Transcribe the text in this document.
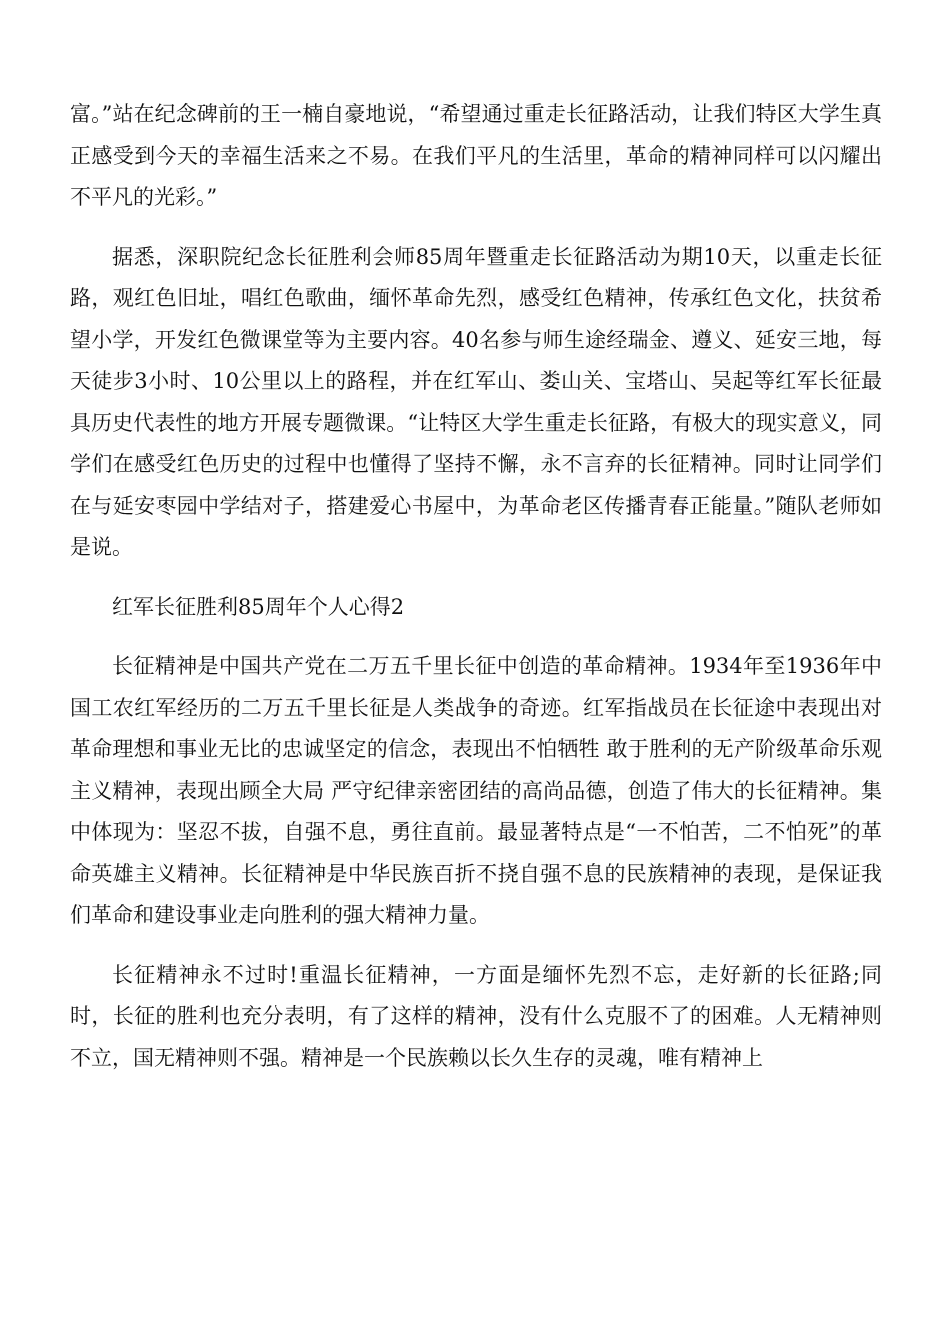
富。”站在纪念碑前的王一楠自豪地说，“希望通过重走长征路活动，让我们特区大学生真正感受到今天的幸福生活来之不易。在我们平凡的生活里，革命的精神同样可以闪耀出不平凡的光彩。”

据悉，深职院纪念长征胜利会师85周年暨重走长征路活动为期10天，以重走长征路，观红色旧址，唱红色歌曲，缅怀革命先烈，感受红色精神，传承红色文化，扶贫希望小学，开发红色微课堂等为主要内容。40名参与师生途经瑞金、遵义、延安三地，每天徒步3小时、10公里以上的路程，并在红军山、娄山关、宝塔山、吴起等红军长征最具历史代表性的地方开展专题微课。“让特区大学生重走长征路，有极大的现实意义，同学们在感受红色历史的过程中也懂得了坚持不懈，永不言弃的长征精神。同时让同学们在与延安枣园中学结对子，搭建爱心书屋中，为革命老区传播青春正能量。”随队老师如是说。

红军长征胜利85周年个人心得2

长征精神是中国共产党在二万五千里长征中创造的革命精神。1934年至1936年中国工农红军经历的二万五千里长征是人类战争的奇迹。红军指战员在长征途中表现出对革命理想和事业无比的忠诚坚定的信念，表现出不怕牺牲 敢于胜利的无产阶级革命乐观主义精神，表现出顾全大局 严守纪律亲密团结的高尚品德，创造了伟大的长征精神。集中体现为：坚忍不拔，自强不息，勇往直前。最显著特点是“一不怕苦，二不怕死”的革命英雄主义精神。长征精神是中华民族百折不挠自强不息的民族精神的表现，是保证我们革命和建设事业走向胜利的强大精神力量。

长征精神永不过时!重温长征精神，一方面是缅怀先烈不忘，走好新的长征路;同时，长征的胜利也充分表明，有了这样的精神，没有什么克服不了的困难。人无精神则不立，国无精神则不强。精神是一个民族赖以长久生存的灵魂，唯有精神上
